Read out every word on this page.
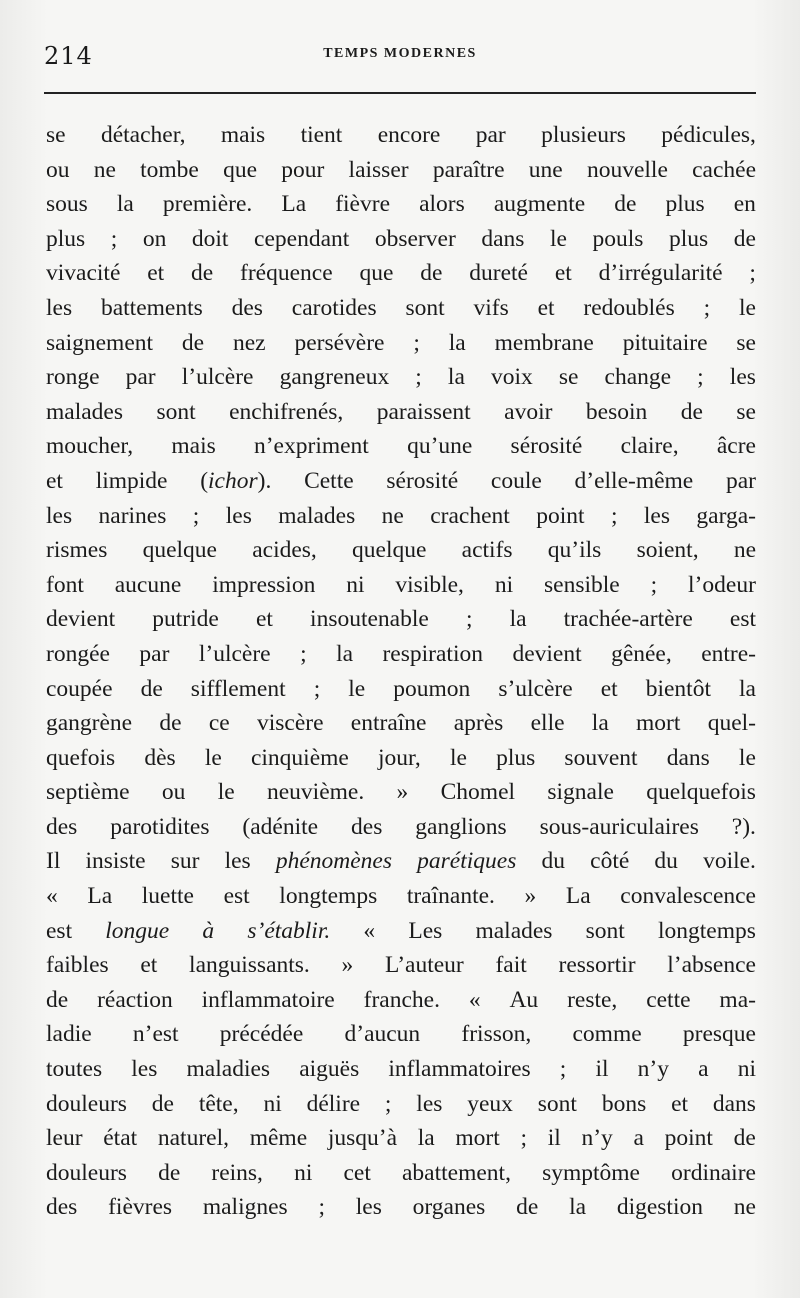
214	TEMPS MODERNES
se détacher, mais tient encore par plusieurs pédicules,
ou ne tombe que pour laisser paraître une nouvelle cachée
sous la première. La fièvre alors augmente de plus en
plus ; on doit cependant observer dans le pouls plus de
vivacité et de fréquence que de dureté et d’irrégularité ;
les battements des carotides sont vifs et redoublés ; le
saignement de nez persévère ; la membrane pituitaire se
ronge par l’ulcère gangreneux ; la voix se change ; les
malades sont enchifrenés, paraissent avoir besoin de se
moucher, mais n’expriment qu’une sérosité claire, âcre
et limpide (ichor). Cette sérosité coule d’elle-même par
les narines ; les malades ne crachent point ; les garga-
rismes quelque acides, quelque actifs qu’ils soient, ne
font aucune impression ni visible, ni sensible ; l’odeur
devient putride et insoutenable ; la trachée-artère est
rongée par l’ulcère ; la respiration devient gênée, entre-
coupée de sifflement ; le poumon s’ulcère et bientôt la
gangrène de ce viscère entraîne après elle la mort quel-
quefois dès le cinquième jour, le plus souvent dans le
septième ou le neuvième. » Chomel signale quelquefois
des parotidites (adénite des ganglions sous-auriculaires ?).
Il insiste sur les phénomènes parétiques du côté du voile.
« La luette est longtemps traînante. » La convalescence
est longue à s’établir. « Les malades sont longtemps
faibles et languissants. » L’auteur fait ressortir l’absence
de réaction inflammatoire franche. « Au reste, cette ma-
ladie n’est précédée d’aucun frisson, comme presque
toutes les maladies aiguës inflammatoires ; il n’y a ni
douleurs de tête, ni délire ; les yeux sont bons et dans
leur état naturel, même jusqu’à la mort ; il n’y a point de
douleurs de reins, ni cet abattement, symptôme ordinaire
des fièvres malignes ; les organes de la digestion ne
